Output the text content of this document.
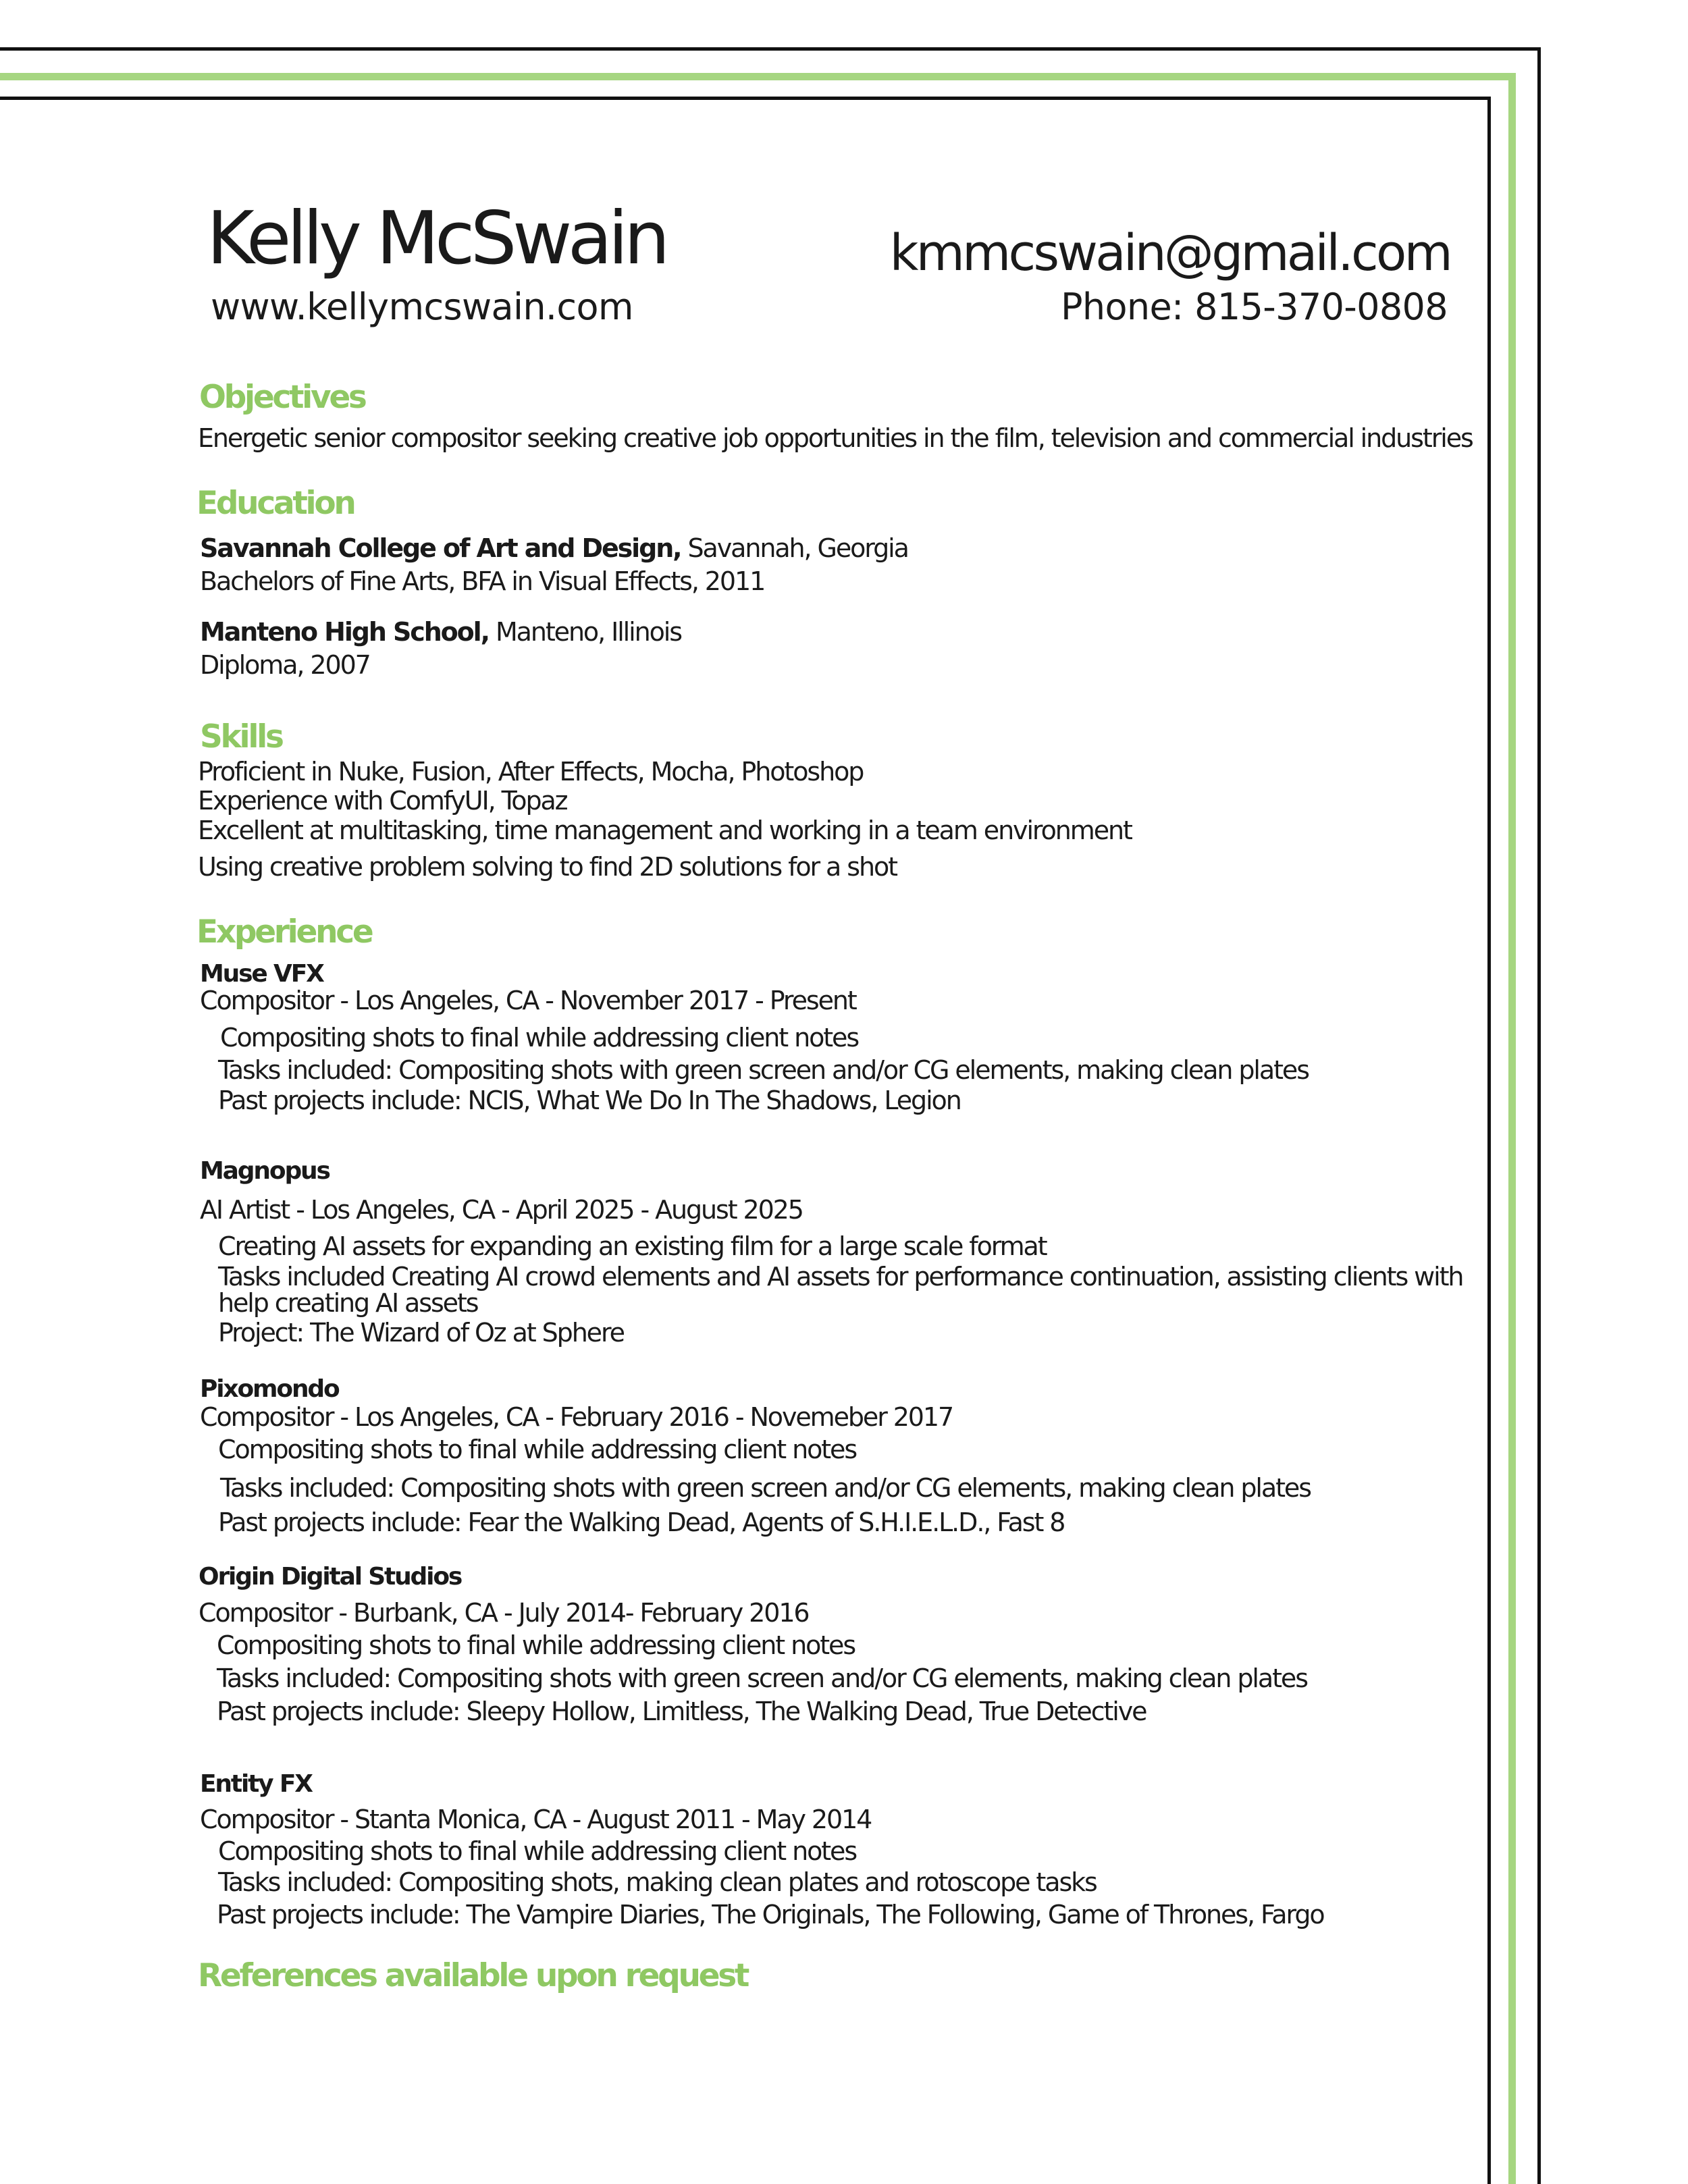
Kelly McSwain
www.kellymcswain.com
kmmcswain@gmail.com
Phone: 815-370-0808
Objectives
Energetic senior compositor seeking creative job opportunities in the film, television and commercial industries
Education
Savannah College of Art and Design, Savannah, Georgia
Bachelors of Fine Arts, BFA in Visual Effects, 2011
Manteno High School, Manteno, Illinois
Diploma, 2007
Skills
Proficient in Nuke, Fusion, After Effects, Mocha, Photoshop
Experience with ComfyUI, Topaz
Excellent at multitasking, time management and working in a team environment
Using creative problem solving to find 2D solutions for a shot
Experience
Muse VFX
Compositor - Los Angeles, CA - November 2017 - Present
Compositing shots to final while addressing client notes
Tasks included: Compositing shots with green screen and/or CG elements, making clean plates
Past projects include: NCIS, What We Do In The Shadows, Legion
Magnopus
AI Artist - Los Angeles, CA - April 2025 - August 2025
Creating AI assets for expanding an existing film for a large scale format
Tasks included Creating AI crowd elements and AI assets for performance continuation, assisting clients with
help creating AI assets
Project: The Wizard of Oz at Sphere
Pixomondo
Compositor - Los Angeles, CA - February 2016 - Novemeber 2017
Compositing shots to final while addressing client notes
Tasks included: Compositing shots with green screen and/or CG elements, making clean plates
Past projects include: Fear the Walking Dead, Agents of S.H.I.E.L.D., Fast 8
Origin Digital Studios
Compositor - Burbank, CA - July 2014- February 2016
Compositing shots to final while addressing client notes
Tasks included: Compositing shots with green screen and/or CG elements, making clean plates
Past projects include: Sleepy Hollow, Limitless, The Walking Dead, True Detective
Entity FX
Compositor - Stanta Monica, CA - August 2011 - May 2014
Compositing shots to final while addressing client notes
Tasks included: Compositing shots, making clean plates and rotoscope tasks
Past projects include: The Vampire Diaries, The Originals, The Following, Game of Thrones, Fargo
References available upon request
